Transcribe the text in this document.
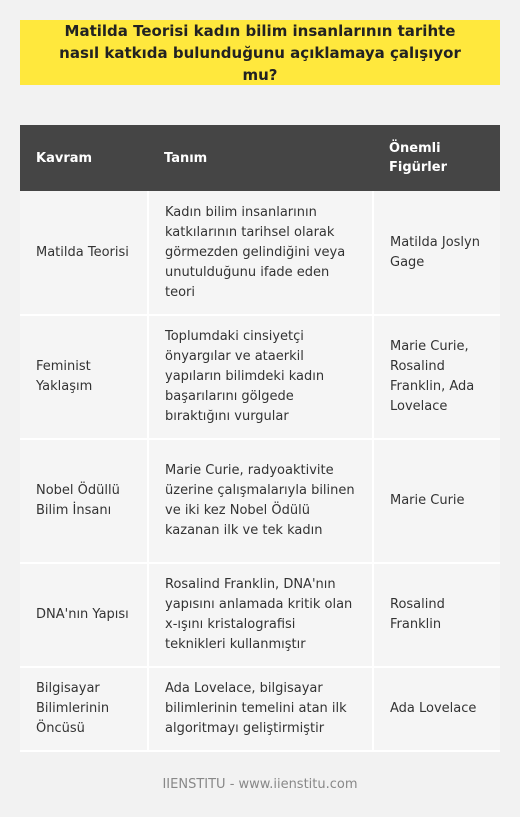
Matilda Teorisi kadın bilim insanlarının tarihte nasıl katkıda bulunduğunu açıklamaya çalışıyor mu?
Kavram	Tanım	Önemli Figürler
Matilda Teorisi	Kadın bilim insanlarının katkılarının tarihsel olarak görmezden gelindiğini veya unutulduğunu ifade eden teori	Matilda Joslyn Gage
Feminist Yaklaşım	Toplumdaki cinsiyetçi önyargılar ve ataerkil yapıların bilimdeki kadın başarılarını gölgede bıraktığını vurgular	Marie Curie, Rosalind Franklin, Ada Lovelace
Nobel Ödüllü Bilim İnsanı	Marie Curie, radyoaktivite üzerine çalışmalarıyla bilinen ve iki kez Nobel Ödülü kazanan ilk ve tek kadın	Marie Curie
DNA'nın Yapısı	Rosalind Franklin, DNA'nın yapısını anlamada kritik olan x-ışını kristalografisi teknikleri kullanmıştır	Rosalind Franklin
Bilgisayar Bilimlerinin Öncüsü	Ada Lovelace, bilgisayar bilimlerinin temelini atan ilk algoritmayı geliştirmiştir	Ada Lovelace
IIENSTITU - www.iienstitu.com
